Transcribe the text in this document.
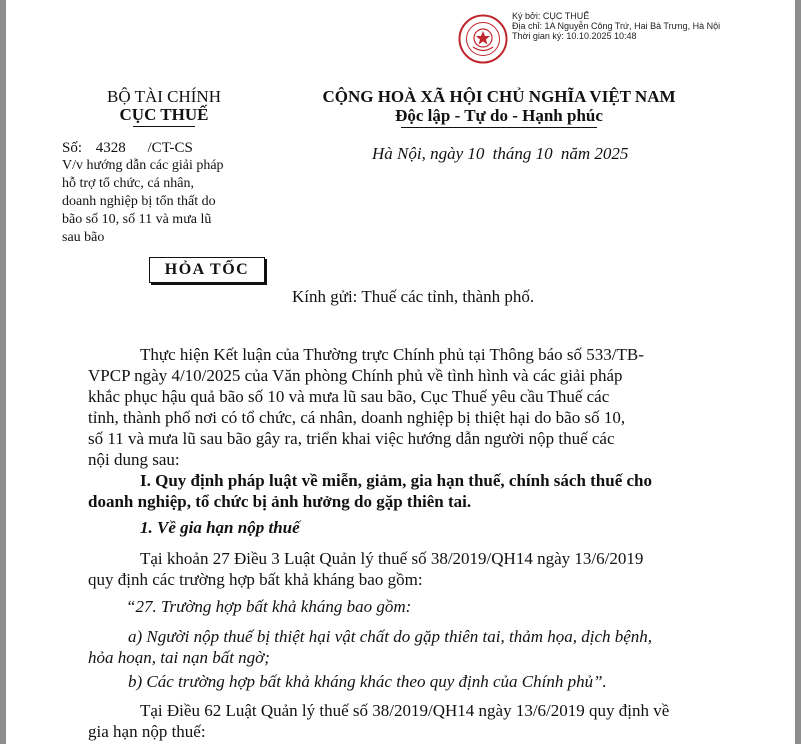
Ký bởi: CỤC THUẾ
Địa chỉ: 1A Nguyễn Công Trứ, Hai Bà Trưng, Hà Nội
Thời gian ký: 10.10.2025 10:48
BỘ TÀI CHÍNH
CỤC THUẾ
Số: 4328 /CT-CS
V/v hướng dẫn các giải pháp
hỗ trợ tổ chức, cá nhân,
doanh nghiệp bị tổn thất do
bão số 10, số 11 và mưa lũ
sau bão
CỘNG HOÀ XÃ HỘI CHỦ NGHĨA VIỆT NAM
Độc lập - Tự do - Hạnh phúc
Hà Nội, ngày 10 tháng 10 năm 2025
HỎA TỐC
Kính gửi: Thuế các tỉnh, thành phố.
Thực hiện Kết luận của Thường trực Chính phủ tại Thông báo số 533/TB-
VPCP ngày 4/10/2025 của Văn phòng Chính phủ về tình hình và các giải pháp
khắc phục hậu quả bão số 10 và mưa lũ sau bão, Cục Thuế yêu cầu Thuế các
tỉnh, thành phố nơi có tổ chức, cá nhân, doanh nghiệp bị thiệt hại do bão số 10,
số 11 và mưa lũ sau bão gây ra, triển khai việc hướng dẫn người nộp thuế các
nội dung sau:
I. Quy định pháp luật về miễn, giảm, gia hạn thuế, chính sách thuế cho
doanh nghiệp, tổ chức bị ảnh hưởng do gặp thiên tai.
1. Về gia hạn nộp thuế
Tại khoản 27 Điều 3 Luật Quản lý thuế số 38/2019/QH14 ngày 13/6/2019
quy định các trường hợp bất khả kháng bao gồm:
“27. Trường hợp bất khả kháng bao gồm:
a) Người nộp thuế bị thiệt hại vật chất do gặp thiên tai, thảm họa, dịch bệnh,
hỏa hoạn, tai nạn bất ngờ;
b) Các trường hợp bất khả kháng khác theo quy định của Chính phủ”.
Tại Điều 62 Luật Quản lý thuế số 38/2019/QH14 ngày 13/6/2019 quy định về
gia hạn nộp thuế:
